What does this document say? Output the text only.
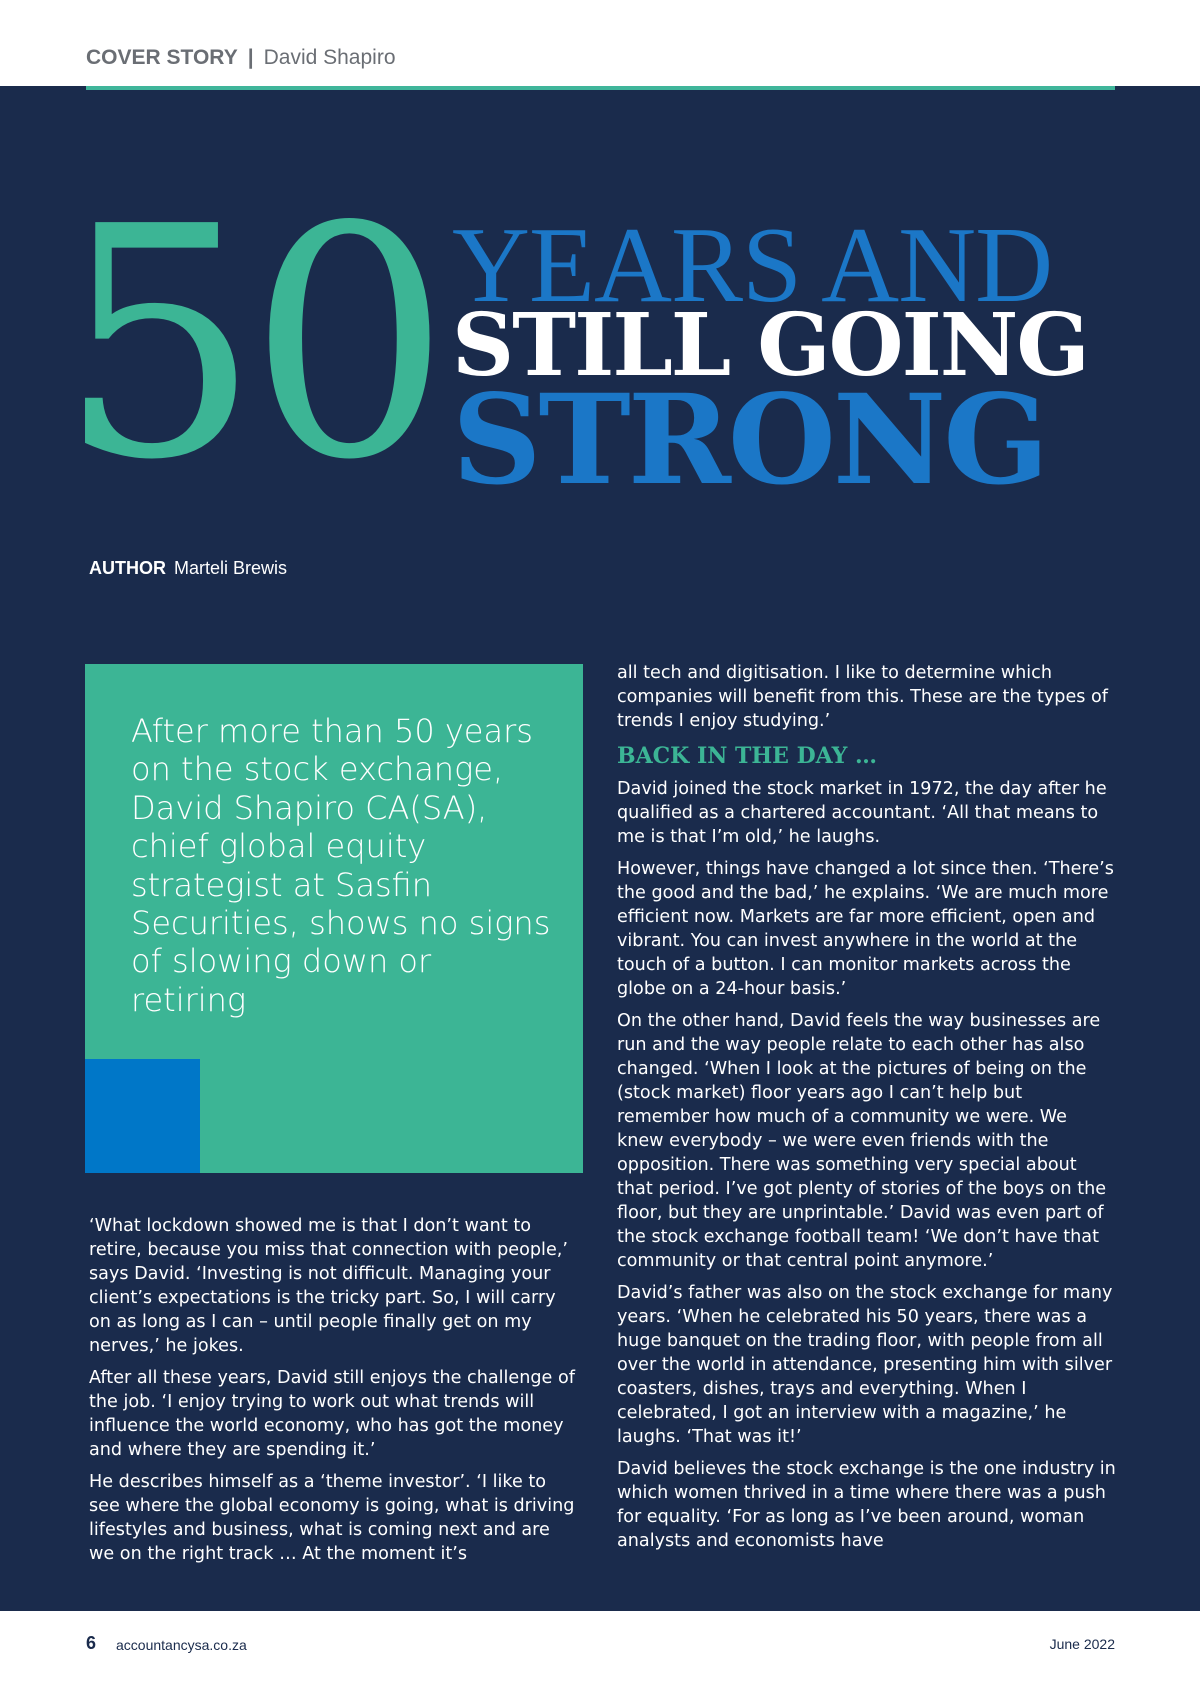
COVER STORY | David Shapiro
50 YEARS AND
STILL GOING
STRONG
AUTHOR Marteli Brewis
After more than 50 years on the stock exchange, David Shapiro CA(SA), chief global equity strategist at Sasfin Securities, shows no signs of slowing down or retiring

‘What lockdown showed me is that I don’t want to retire, because you miss that connection with people,’ says David. ‘Investing is not difficult. Managing your client’s expectations is the tricky part. So, I will carry on as long as I can – until people finally get on my nerves,’ he jokes.

After all these years, David still enjoys the challenge of the job. ‘I enjoy trying to work out what trends will influence the world economy, who has got the money and where they are spending it.’

He describes himself as a ‘theme investor’. ‘I like to see where the global economy is going, what is driving lifestyles and business, what is coming next and are we on the right track … At the moment it’s

all tech and digitisation. I like to determine which companies will benefit from this. These are the types of trends I enjoy studying.’

BACK IN THE DAY …

David joined the stock market in 1972, the day after he qualified as a chartered accountant. ‘All that means to me is that I’m old,’ he laughs.

However, things have changed a lot since then. ‘There’s the good and the bad,’ he explains. ‘We are much more efficient now. Markets are far more efficient, open and vibrant. You can invest anywhere in the world at the touch of a button. I can monitor markets across the globe on a 24-hour basis.’

On the other hand, David feels the way businesses are run and the way people relate to each other has also changed. ‘When I look at the pictures of being on the (stock market) floor years ago I can’t help but remember how much of a community we were. We knew everybody – we were even friends with the opposition. There was something very special about that period. I’ve got plenty of stories of the boys on the floor, but they are unprintable.’ David was even part of the stock exchange football team! ‘We don’t have that community or that central point anymore.’

David’s father was also on the stock exchange for many years. ‘When he celebrated his 50 years, there was a huge banquet on the trading floor, with people from all over the world in attendance, presenting him with silver coasters, dishes, trays and everything. When I celebrated, I got an interview with a magazine,’ he laughs. ‘That was it!’

David believes the stock exchange is the one industry in which women thrived in a time where there was a push for equality. ‘For as long as I’ve been around, woman analysts and economists have

6 accountancysa.co.za	June 2022
